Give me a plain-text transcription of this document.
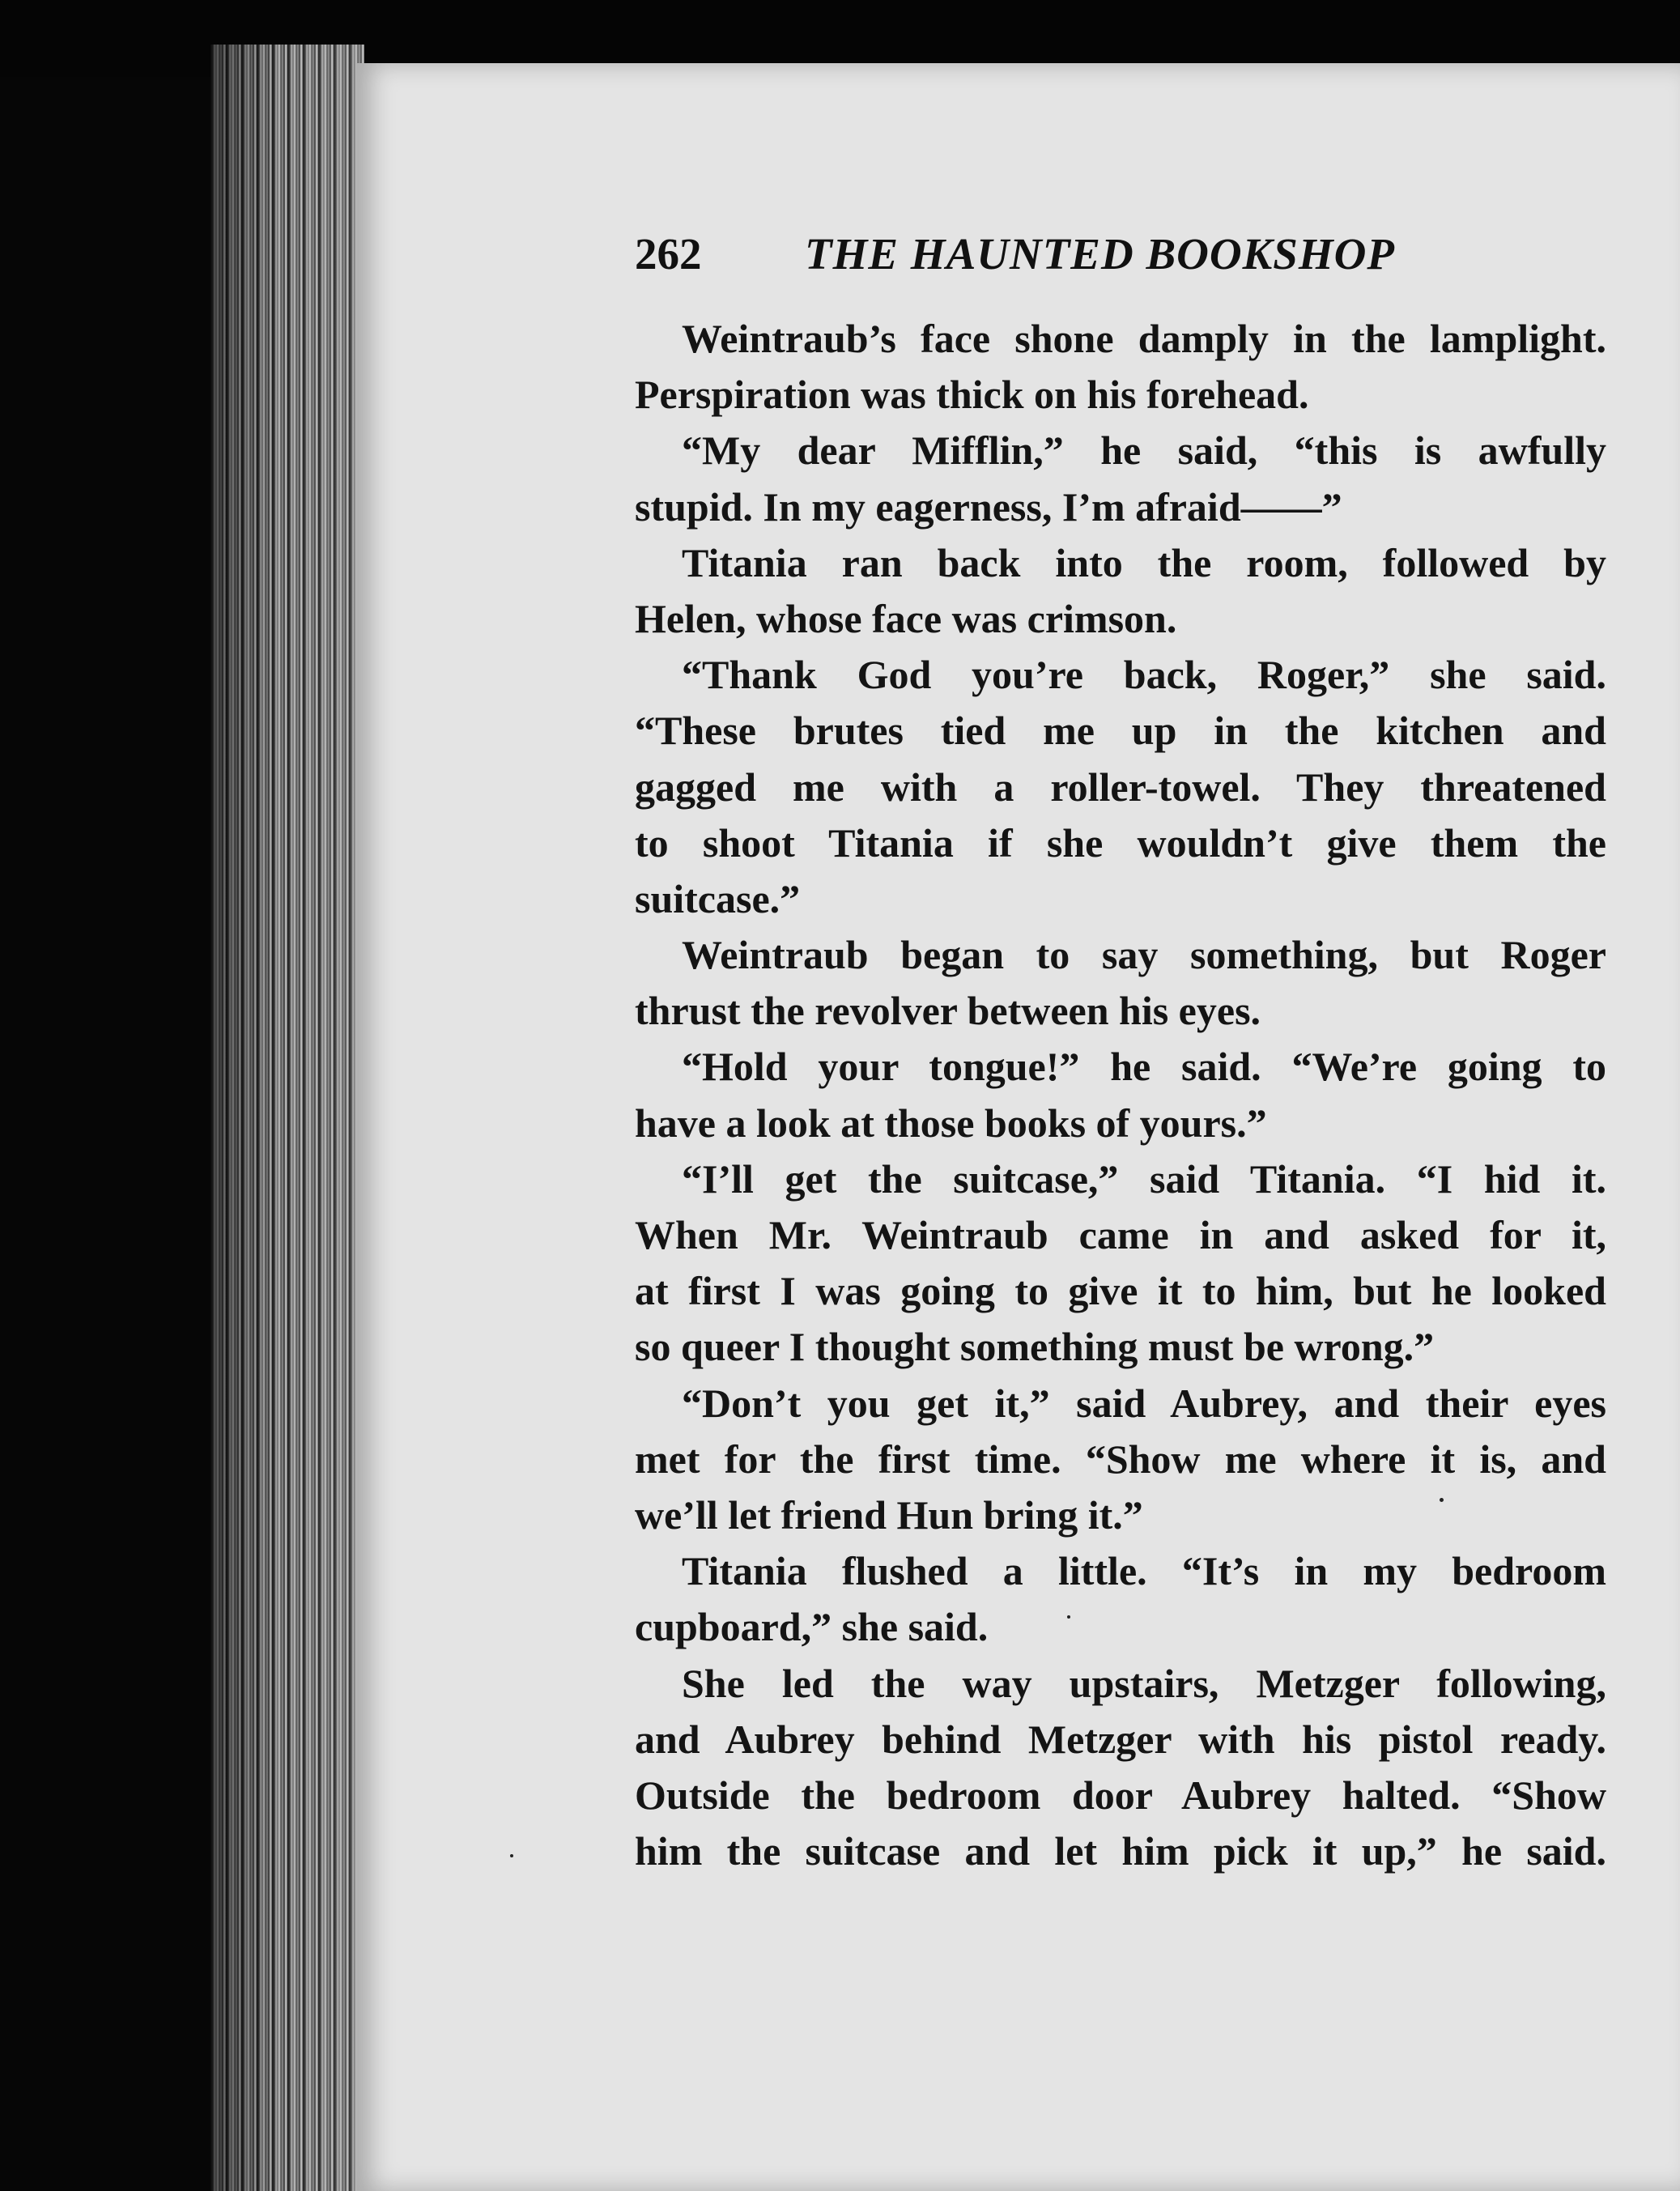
262 THE HAUNTED BOOKSHOP
Weintraub’s face shone damply in the lamplight.
Perspiration was thick on his forehead.
“My dear Mifflin,” he said, “this is awfully
stupid. In my eagerness, I’m afraid——”
Titania ran back into the room, followed by
Helen, whose face was crimson.
“Thank God you’re back, Roger,” she said.
“These brutes tied me up in the kitchen and
gagged me with a roller-towel. They threatened
to shoot Titania if she wouldn’t give them the
suitcase.”
Weintraub began to say something, but Roger
thrust the revolver between his eyes.
“Hold your tongue!” he said. “We’re going to
have a look at those books of yours.”
“I’ll get the suitcase,” said Titania. “I hid it.
When Mr. Weintraub came in and asked for it,
at first I was going to give it to him, but he looked
so queer I thought something must be wrong.”
“Don’t you get it,” said Aubrey, and their eyes
met for the first time. “Show me where it is, and
we’ll let friend Hun bring it.”
Titania flushed a little. “It’s in my bedroom
cupboard,” she said.
She led the way upstairs, Metzger following,
and Aubrey behind Metzger with his pistol ready.
Outside the bedroom door Aubrey halted. “Show
him the suitcase and let him pick it up,” he said.
